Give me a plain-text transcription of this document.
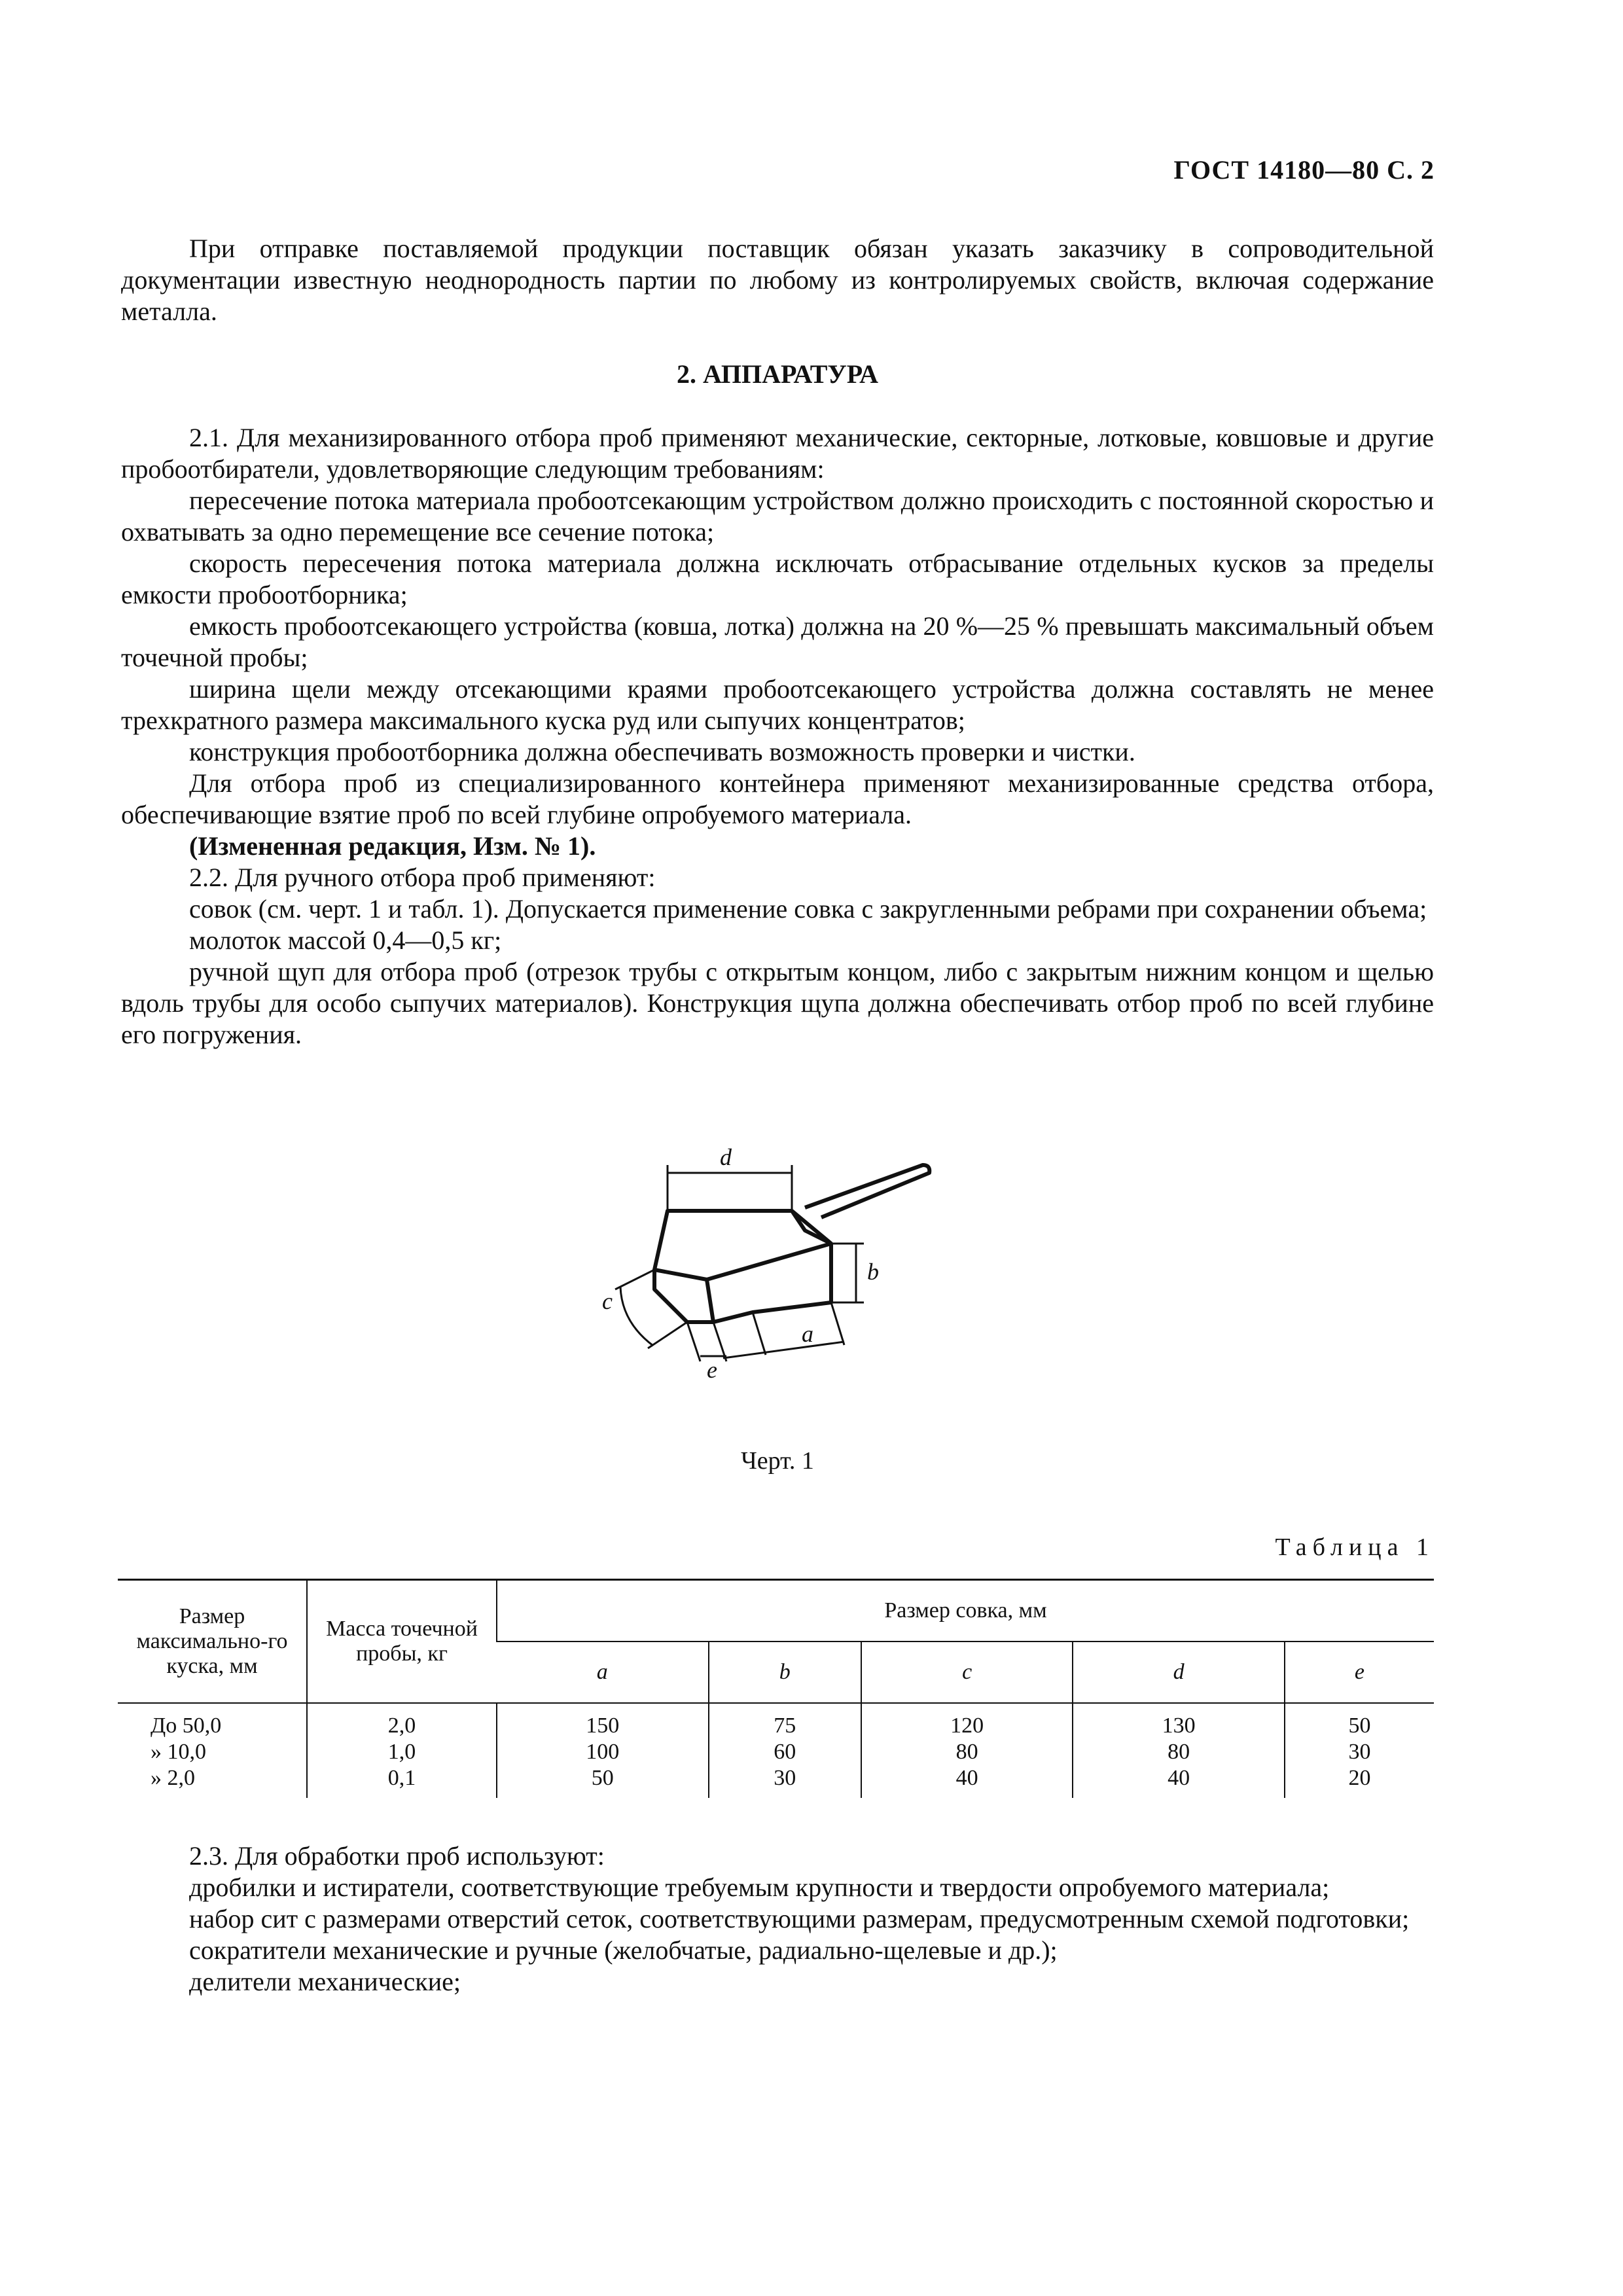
ГОСТ 14180—80 С. 2

При отправке поставляемой продукции поставщик обязан указать заказчику в сопроводительной документации известную неоднородность партии по любому из контролируемых свойств, включая содержание металла.

2. АППАРАТУРА

2.1. Для механизированного отбора проб применяют механические, секторные, лотковые, ковшовые и другие пробоотбиратели, удовлетворяющие следующим требованиям:

пересечение потока материала пробоотсекающим устройством должно происходить с постоянной скоростью и охватывать за одно перемещение все сечение потока;

скорость пересечения потока материала должна исключать отбрасывание отдельных кусков за пределы емкости пробоотборника;

емкость пробоотсекающего устройства (ковша, лотка) должна на 20 %—25 % превышать максимальный объем точечной пробы;

ширина щели между отсекающими краями пробоотсекающего устройства должна составлять не менее трехкратного размера максимального куска руд или сыпучих концентратов;

конструкция пробоотборника должна обеспечивать возможность проверки и чистки.

Для отбора проб из специализированного контейнера применяют механизированные средства отбора, обеспечивающие взятие проб по всей глубине опробуемого материала.

(Измененная редакция, Изм. № 1).

2.2. Для ручного отбора проб применяют:

совок (см. черт. 1 и табл. 1). Допускается применение совка с закругленными ребрами при сохранении объема;

молоток массой 0,4—0,5 кг;

ручной щуп для отбора проб (отрезок трубы с открытым концом, либо с закрытым нижним концом и щелью вдоль трубы для особо сыпучих материалов). Конструкция щупа должна обеспечивать отбор проб по всей глубине его погружения.

d
b
c
e
a
Черт. 1
Таблица 1
Размер максимально-го куска, мм	Масса точечной пробы, кг	Размер совка, мм				
		a	b	c	d	e
До 50,0	2,0	150	75	120	130	50
» 10,0	1,0	100	60	80	80	30
» 2,0	0,1	50	30	40	40	20

2.3. Для обработки проб используют:

дробилки и истиратели, соответствующие требуемым крупности и твердости опробуемого материала;

набор сит с размерами отверстий сеток, соответствующими размерам, предусмотренным схемой подготовки;

сократители механические и ручные (желобчатые, радиально-щелевые и др.);

делители механические;
